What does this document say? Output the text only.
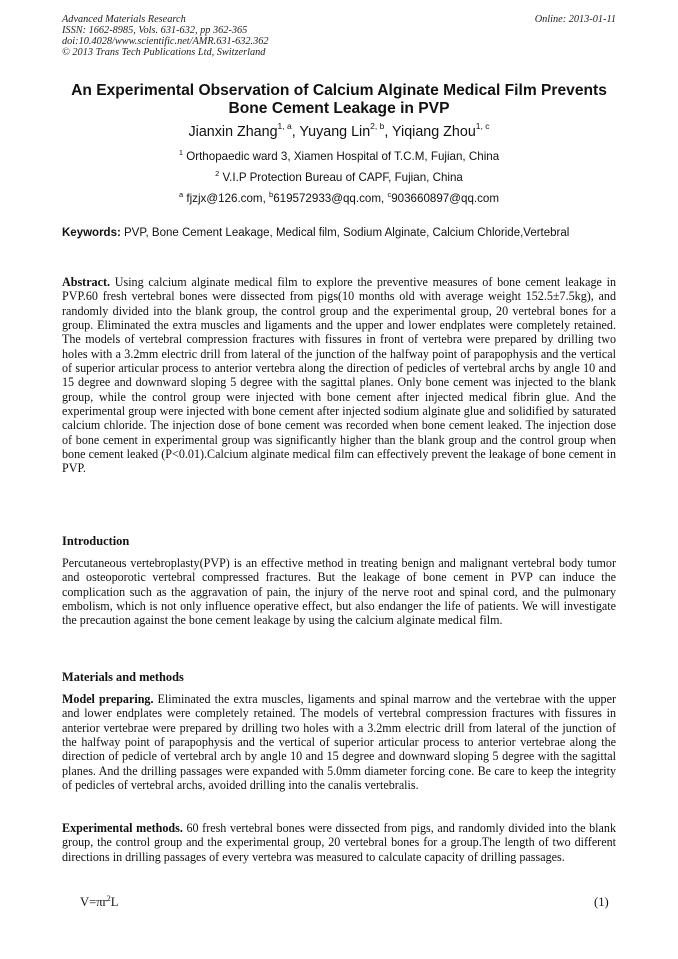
Advanced Materials Research
ISSN: 1662-8985, Vols. 631-632, pp 362-365
doi:10.4028/www.scientific.net/AMR.631-632.362
© 2013 Trans Tech Publications Ltd, Switzerland
Online: 2013-01-11
An Experimental Observation of Calcium Alginate Medical Film Prevents Bone Cement Leakage in PVP
Jianxin Zhang$^{1, a}$, Yuyang Lin$^{2, b}$, Yiqiang Zhou$^{1, c}$
$^1$ Orthopaedic ward 3, Xiamen Hospital of T.C.M, Fujian, China
$^2$ V.I.P Protection Bureau of CAPF, Fujian, China
$^a$ fjzjx@126.com, $^b$619572933@qq.com, $^c$903660897@qq.com
Keywords: PVP, Bone Cement Leakage, Medical film, Sodium Alginate, Calcium Chloride,Vertebral
Abstract. Using calcium alginate medical film to explore the preventive measures of bone cement leakage in PVP.60 fresh vertebral bones were dissected from pigs(10 months old with average weight 152.5±7.5kg), and randomly divided into the blank group, the control group and the experimental group, 20 vertebral bones for a group. Eliminated the extra muscles and ligaments and the upper and lower endplates were completely retained. The models of vertebral compression fractures with fissures in front of vertebra were prepared by drilling two holes with a 3.2mm electric drill from lateral of the junction of the halfway point of parapophysis and the vertical of superior articular process to anterior vertebra along the direction of pedicles of vertebral archs by angle 10 and 15 degree and downward sloping 5 degree with the sagittal planes. Only bone cement was injected to the blank group, while the control group were injected with bone cement after injected medical fibrin glue. And the experimental group were injected with bone cement after injected sodium alginate glue and solidified by saturated calcium chloride. The injection dose of bone cement was recorded when bone cement leaked. The injection dose of bone cement in experimental group was significantly higher than the blank group and the control group when bone cement leaked (P<0.01).Calcium alginate medical film can effectively prevent the leakage of bone cement in PVP.
Introduction
Percutaneous vertebroplasty(PVP) is an effective method in treating benign and malignant vertebral body tumor and osteoporotic vertebral compressed fractures. But the leakage of bone cement in PVP can induce the complication such as the aggravation of pain, the injury of the nerve root and spinal cord, and the pulmonary embolism, which is not only influence operative effect, but also endanger the life of patients. We will investigate the precaution against the bone cement leakage by using the calcium alginate medical film.
Materials and methods
Model preparing. Eliminated the extra muscles, ligaments and spinal marrow and the vertebrae with the upper and lower endplates were completely retained. The models of vertebral compression fractures with fissures in anterior vertebrae were prepared by drilling two holes with a 3.2mm electric drill from lateral of the junction of the halfway point of parapophysis and the vertical of superior articular process to anterior vertebrae along the direction of pedicle of vertebral arch by angle 10 and 15 degree and downward sloping 5 degree with the sagittal planes. And the drilling passages were expanded with 5.0mm diameter forcing cone. Be care to keep the integrity of pedicles of vertebral archs, avoided drilling into the canalis vertebralis.
Experimental methods. 60 fresh vertebral bones were dissected from pigs, and randomly divided into the blank group, the control group and the experimental group, 20 vertebral bones for a group.The length of two different directions in drilling passages of every vertebra was measured to calculate capacity of drilling passages.
$V=\pi r^2L$	(1)
